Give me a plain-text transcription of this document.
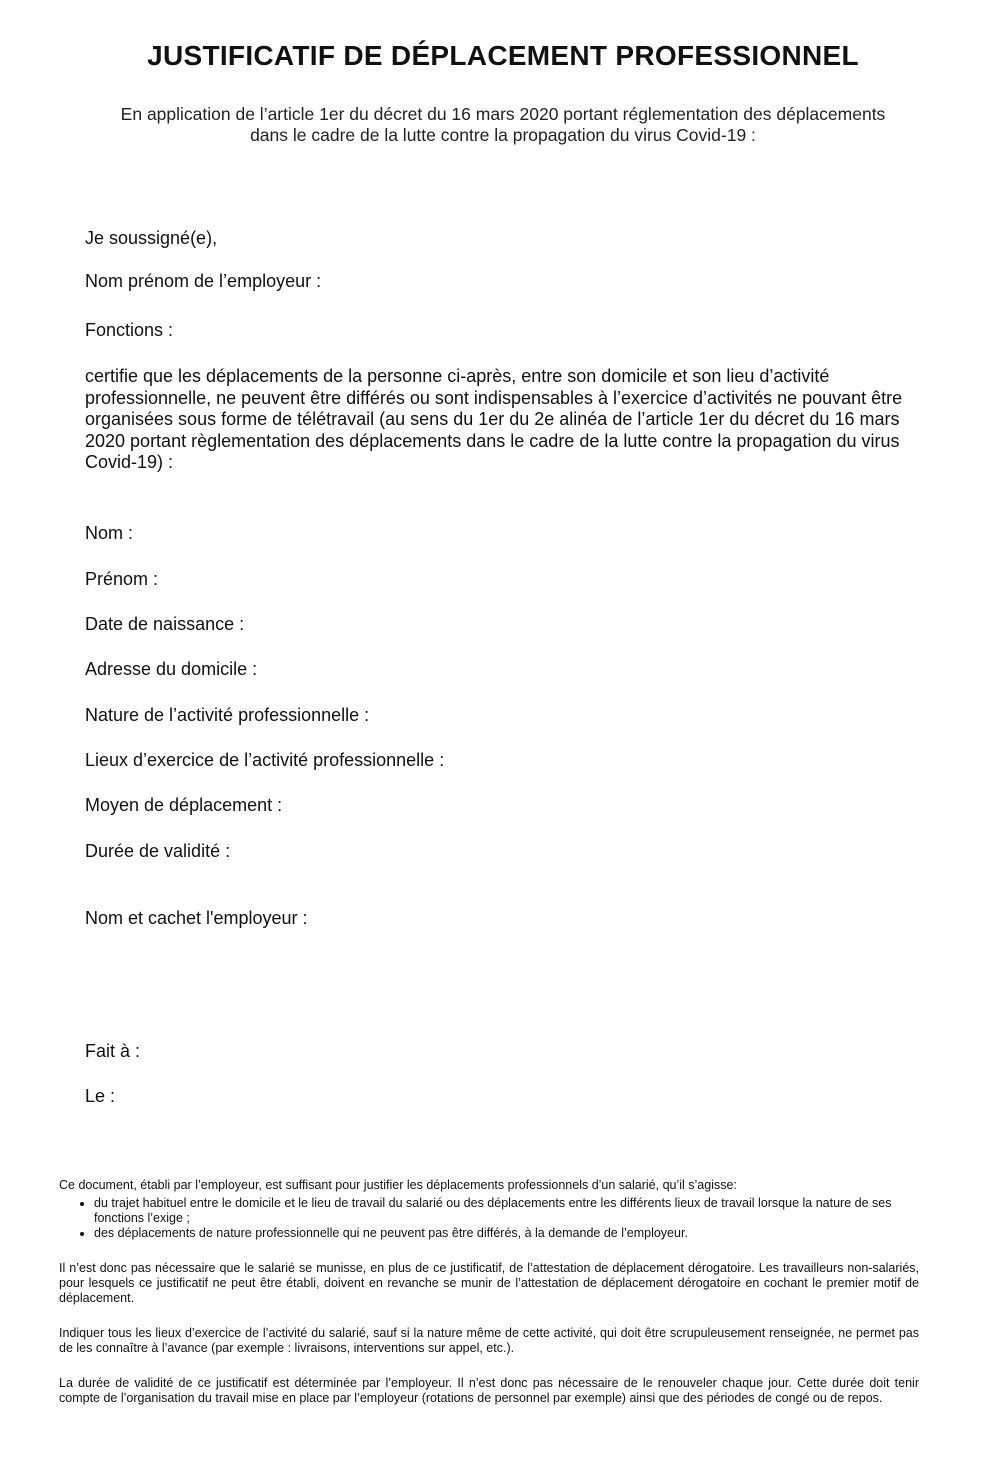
JUSTIFICATIF DE DÉPLACEMENT PROFESSIONNEL

En application de l’article 1er du décret du 16 mars 2020 portant réglementation des déplacements dans le cadre de la lutte contre la propagation du virus Covid-19 :

Je soussigné(e),

Nom prénom de l’employeur :

Fonctions :

certifie que les déplacements de la personne ci-après, entre son domicile et son lieu d’activité professionnelle, ne peuvent être différés ou sont indispensables à l’exercice d’activités ne pouvant être organisées sous forme de télétravail (au sens du 1er du 2e alinéa de l’article 1er du décret du 16 mars 2020 portant règlementation des déplacements dans le cadre de la lutte contre la propagation du virus Covid-19) :

Nom :

Prénom :

Date de naissance :

Adresse du domicile :

Nature de l’activité professionnelle :

Lieux d’exercice de l’activité professionnelle :

Moyen de déplacement :

Durée de validité :

Nom et cachet l'employeur :

Fait à :

Le :

Ce document, établi par l’employeur, est suffisant pour justifier les déplacements professionnels d’un salarié, qu’il s’agisse:

• du trajet habituel entre le domicile et le lieu de travail du salarié ou des déplacements entre les différents lieux de travail lorsque la nature de ses fonctions l’exige ;
• des déplacements de nature professionnelle qui ne peuvent pas être différés, à la demande de l’employeur.

Il n’est donc pas nécessaire que le salarié se munisse, en plus de ce justificatif, de l’attestation de déplacement dérogatoire. Les travailleurs non-salariés, pour lesquels ce justificatif ne peut être établi, doivent en revanche se munir de l’attestation de déplacement dérogatoire en cochant le premier motif de déplacement.

Indiquer tous les lieux d’exercice de l’activité du salarié, sauf si la nature même de cette activité, qui doit être scrupuleusement renseignée, ne permet pas de les connaître à l’avance (par exemple : livraisons, interventions sur appel, etc.).

La durée de validité de ce justificatif est déterminée par l’employeur. Il n’est donc pas nécessaire de le renouveler chaque jour. Cette durée doit tenir compte de l’organisation du travail mise en place par l’employeur (rotations de personnel par exemple) ainsi que des périodes de congé ou de repos.
